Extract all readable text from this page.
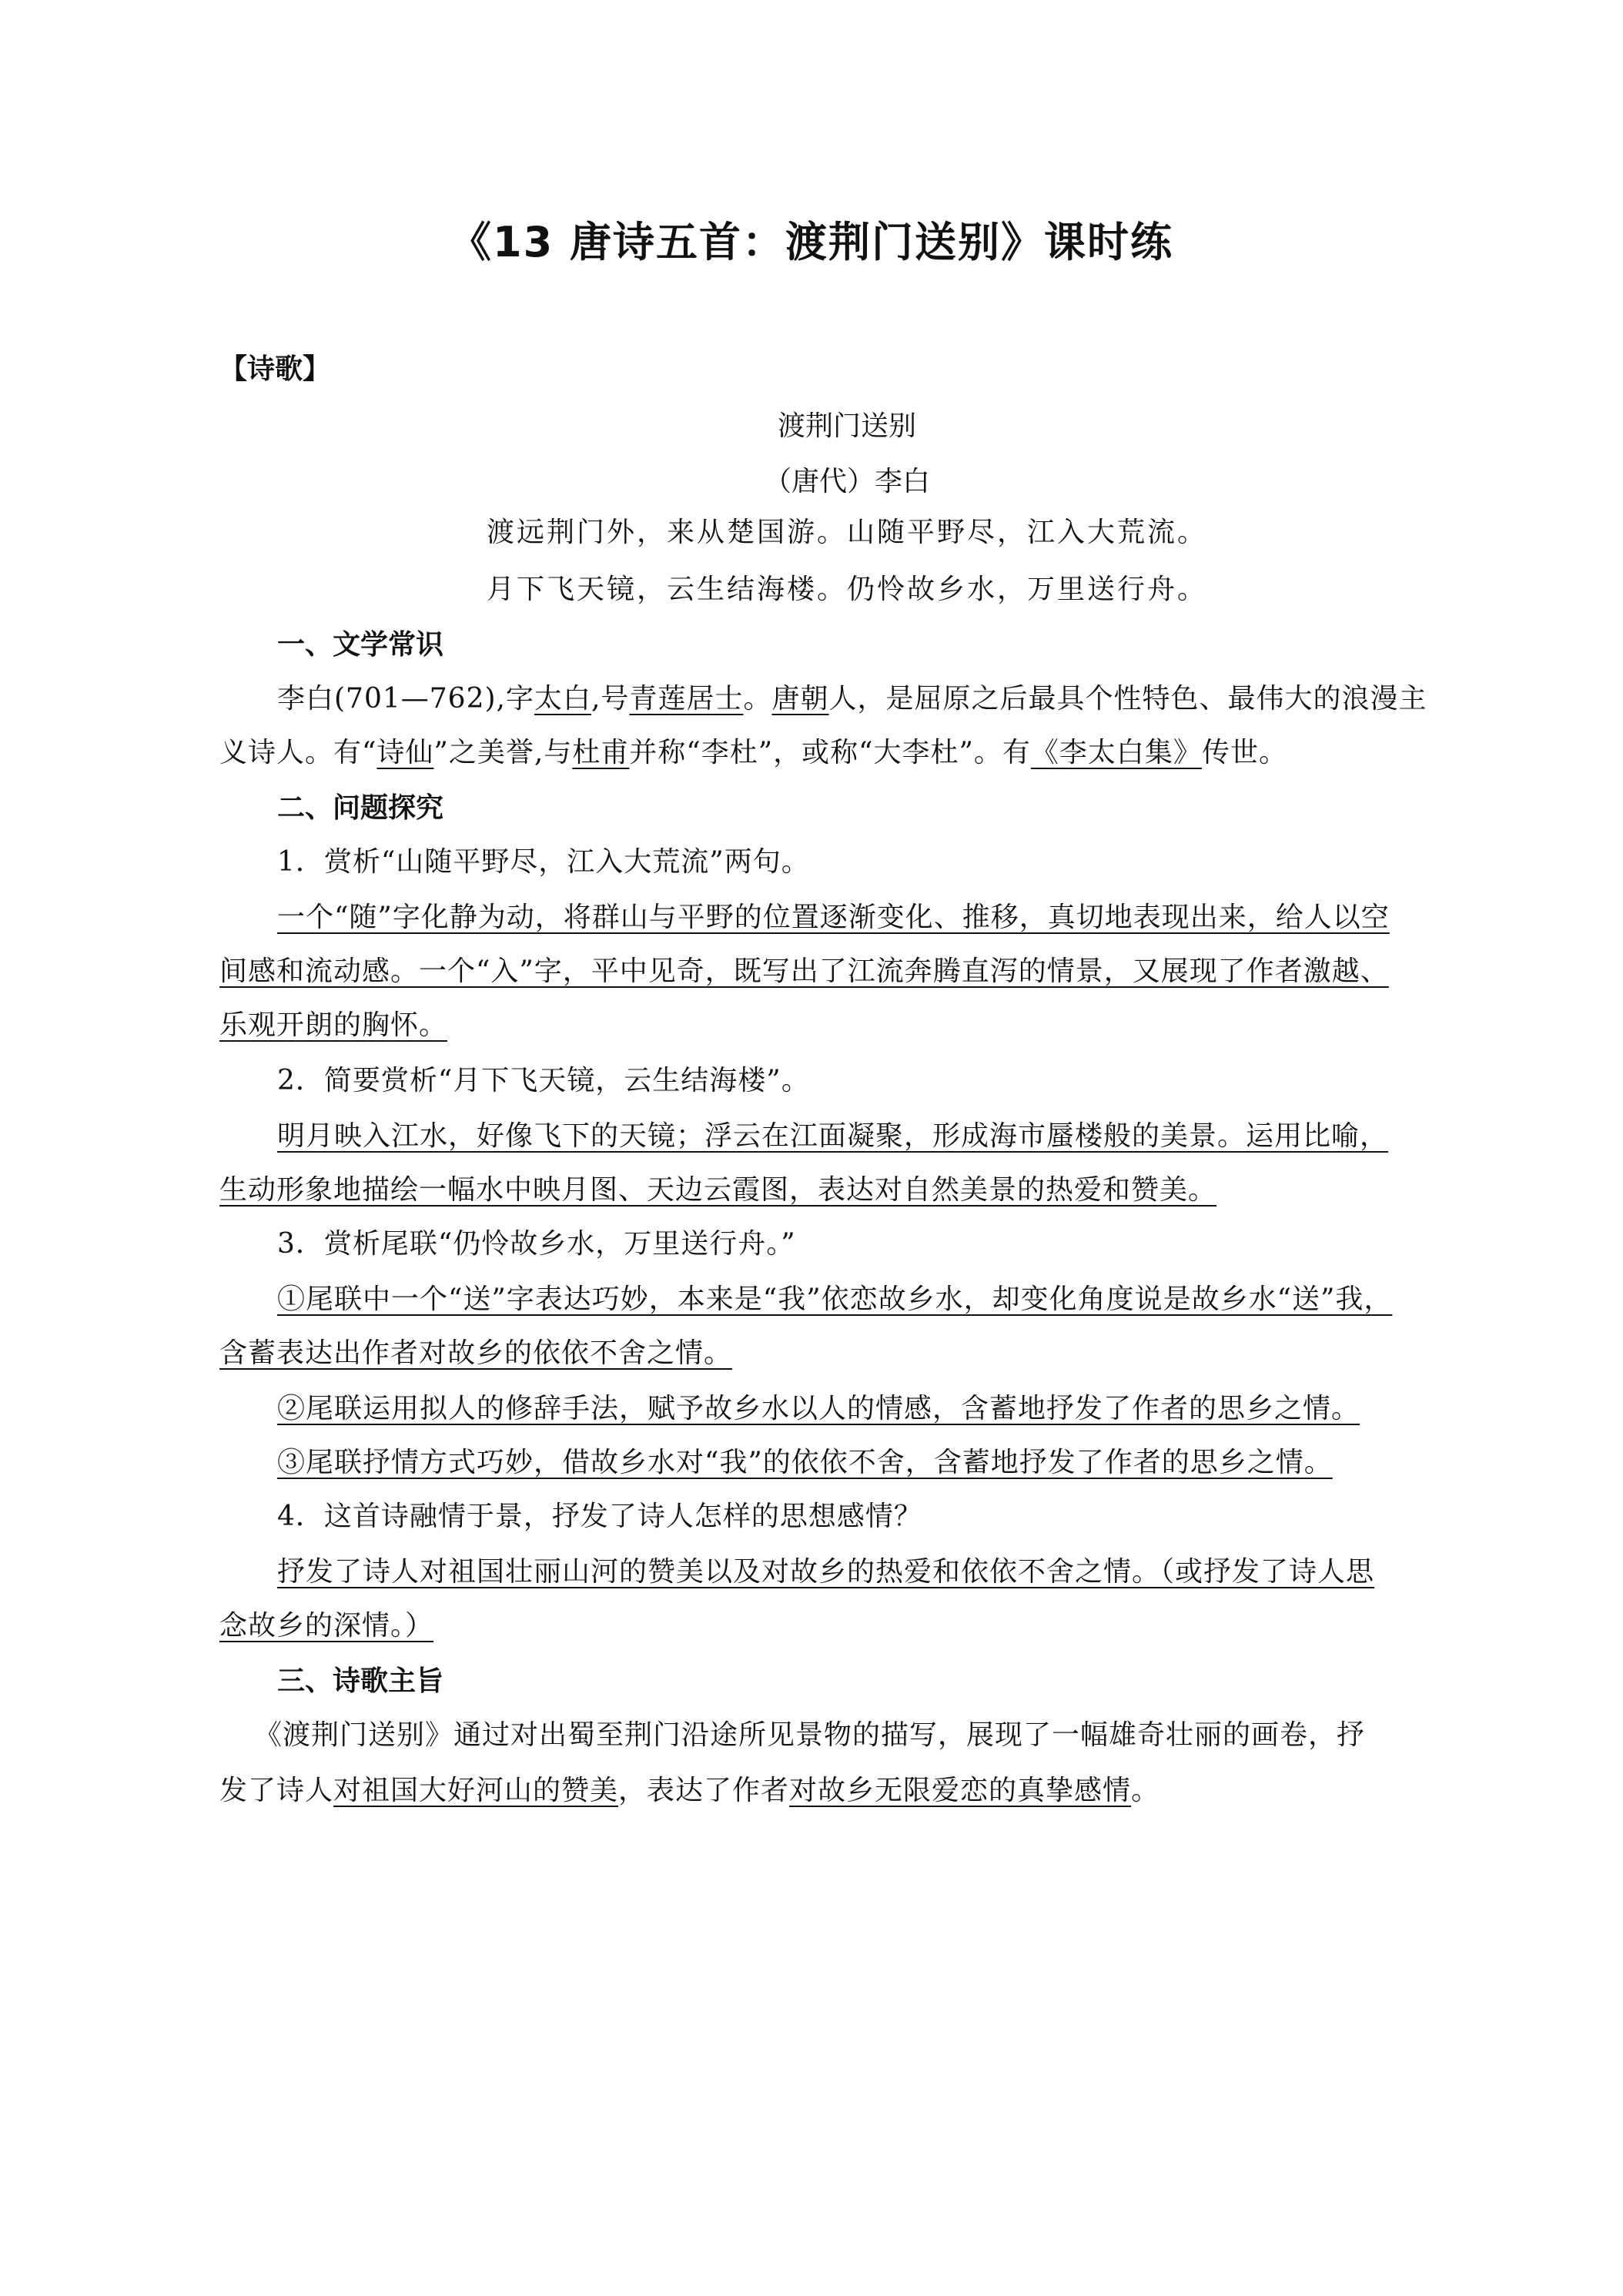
《13 唐诗五首：渡荆门送别》课时练
【诗歌】
渡荆门送别
（唐代）李白
渡远荆门外，来从楚国游。山随平野尽，江入大荒流。
月下飞天镜，云生结海楼。仍怜故乡水，万里送行舟。
一、文学常识
李白(701—762),字太白,号青莲居士。唐朝人，是屈原之后最具个性特色、最伟大的浪漫主
义诗人。有“诗仙”之美誉,与杜甫并称“李杜”，或称“大李杜”。有《李太白集》传世。
二、问题探究
1．赏析“山随平野尽，江入大荒流”两句。
一个“随”字化静为动，将群山与平野的位置逐渐变化、推移，真切地表现出来，给人以空
间感和流动感。一个“入”字，平中见奇，既写出了江流奔腾直泻的情景，又展现了作者激越、
乐观开朗的胸怀。
2．简要赏析“月下飞天镜，云生结海楼”。
明月映入江水，好像飞下的天镜；浮云在江面凝聚，形成海市蜃楼般的美景。运用比喻，
生动形象地描绘一幅水中映月图、天边云霞图，表达对自然美景的热爱和赞美。
3．赏析尾联“仍怜故乡水，万里送行舟。”
①尾联中一个“送”字表达巧妙，本来是“我”依恋故乡水，却变化角度说是故乡水“送”我，
含蓄表达出作者对故乡的依依不舍之情。
②尾联运用拟人的修辞手法，赋予故乡水以人的情感，含蓄地抒发了作者的思乡之情。
③尾联抒情方式巧妙，借故乡水对“我”的依依不舍，含蓄地抒发了作者的思乡之情。
4．这首诗融情于景，抒发了诗人怎样的思想感情？
抒发了诗人对祖国壮丽山河的赞美以及对故乡的热爱和依依不舍之情。（或抒发了诗人思
念故乡的深情。）
三、诗歌主旨
《渡荆门送别》通过对出蜀至荆门沿途所见景物的描写，展现了一幅雄奇壮丽的画卷，抒
发了诗人对祖国大好河山的赞美，表达了作者对故乡无限爱恋的真挚感情。
